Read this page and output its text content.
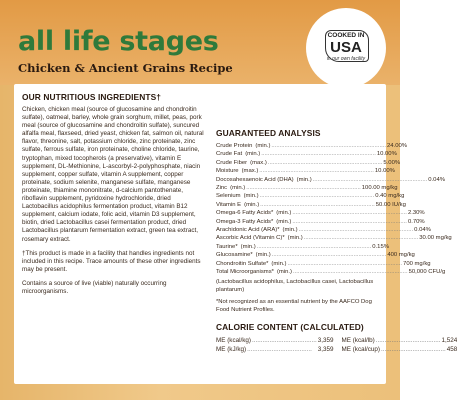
all life stages
Chicken & Ancient Grains Recipe
COOKED IN
USA
in our own facility

OUR NUTRITIOUS INGREDIENTS†

Chicken, chicken meal (source of glucosamine and chondroitin sulfate), oatmeal, barley, whole grain sorghum, millet, peas, pork meal (source of glucosamine and chondroitin sulfate), suncured alfalfa meal, flaxseed, dried yeast, chicken fat, salmon oil, natural flavor, threonine, salt, potassium chloride, zinc proteinate, zinc sulfate, ferrous sulfate, iron proteinate, choline chloride, taurine, tryptophan, mixed tocopherols (a preservative), vitamin E supplement, DL-Methionine, L-ascorbyl-2-polyphosphate, niacin supplement, copper sulfate, vitamin A supplement, copper proteinate, sodium selenite, manganese sulfate, manganese proteinate, thiamine mononitrate, d-calcium pantothenate, riboflavin supplement, pyridoxine hydrochloride, dried Lactobacillus acidophilus fermentation product, vitamin B12 supplement, calcium iodate, folic acid, vitamin D3 supplement, biotin, dried Lactobacillus casei fermentation product, dried Lactobacillus plantarum fermentation extract, green tea extract, rosemary extract.

†This product is made in a facility that handles ingredients not included in this recipe. Trace amounts of these other ingredients may be present.

Contains a source of live (viable) naturally occurring microorganisms.

GUARANTEED ANALYSIS

Crude Protein (min.) .....	24.00%
Crude Fat (min.) .....	10.00%
Crude Fiber (max.) .....	5.00%
Moisture (max.) .....	10.00%
Docosahexaenoic Acid (DHA) (min.) .....	0.04%
Zinc (min.) .....	100.00 mg/kg
Selenium (min.) .....	0.40 mg/kg
Vitamin E (min.) .....	50.00 IU/kg
Omega-6 Fatty Acids* (min.) .....	2.30%
Omega-3 Fatty Acids* (min.) .....	0.70%
Arachidonic Acid (ARA)* (min.) .....	0.04%
Ascorbic Acid (Vitamin C)* (min.) .....	30.00 mg/kg
Taurine* (min.) .....	0.15%
Glucosamine* (min.) .....	400 mg/kg
Chondroitin Sulfate* (min.) .....	700 mg/kg
Total Microorganisms* (min.) .....	50,000 CFU/g

(Lactobacillus acidophilus, Lactobacillus casei, Lactobacillus plantarum)

*Not recognized as an essential nutrient by the AAFCO Dog Food Nutrient Profiles.

CALORIE CONTENT (CALCULATED)

ME (kcal/kg) .....	3,359 ME (kcal/lb) .....	1,524
ME (kJ/kg) .....	3,359 ME (kcal/cup) .....	458
